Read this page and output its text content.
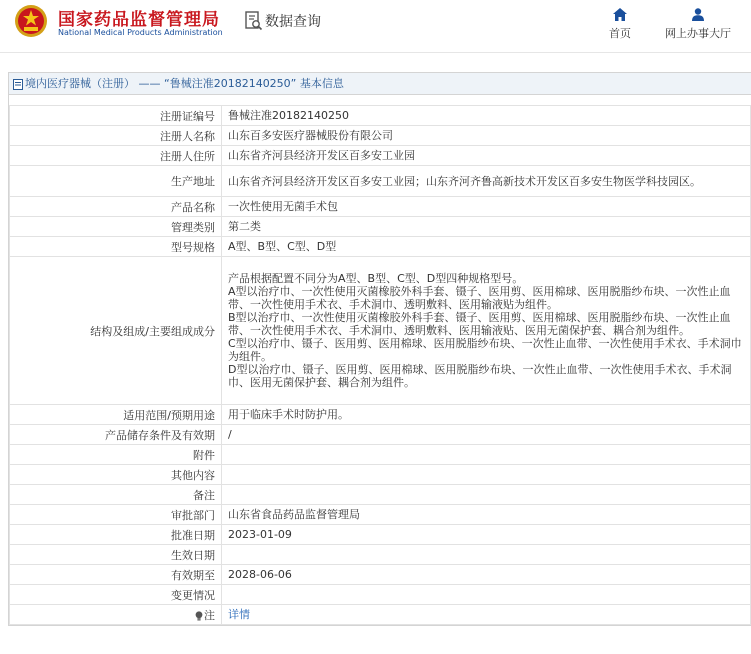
国家药品监督管理局
National Medical Products Administration
数据查询
首页	网上办事大厅
境内医疗器械（注册） —— “鲁械注准20182140250” 基本信息
注册证编号	鲁械注准20182140250
注册人名称	山东百多安医疗器械股份有限公司
注册人住所	山东省齐河县经济开发区百多安工业园
生产地址	山东省齐河县经济开发区百多安工业园；山东齐河齐鲁高新技术开发区百多安生物医学科技园区。
产品名称	一次性使用无菌手术包
管理类别	第二类
型号规格	A型、B型、C型、D型
结构及组成/主要组成成分	产品根据配置不同分为A型、B型、C型、D型四种规格型号。
A型以治疗巾、一次性使用灭菌橡胶外科手套、镊子、医用剪、医用棉球、医用脱脂纱布块、一次性止血带、一次性使用手术衣、手术洞巾、透明敷料、医用输液贴为组件。
B型以治疗巾、一次性使用灭菌橡胶外科手套、镊子、医用剪、医用棉球、医用脱脂纱布块、一次性止血带、一次性使用手术衣、手术洞巾、透明敷料、医用输液贴、医用无菌保护套、耦合剂为组件。
C型以治疗巾、镊子、医用剪、医用棉球、医用脱脂纱布块、一次性止血带、一次性使用手术衣、手术洞巾为组件。
D型以治疗巾、镊子、医用剪、医用棉球、医用脱脂纱布块、一次性止血带、一次性使用手术衣、手术洞巾、医用无菌保护套、耦合剂为组件。
适用范围/预期用途	用于临床手术时防护用。
产品储存条件及有效期	/
附件	
其他内容	
备注	
审批部门	山东省食品药品监督管理局
批准日期	2023-01-09
生效日期	
有效期至	2028-06-06
变更情况	
注	详情
